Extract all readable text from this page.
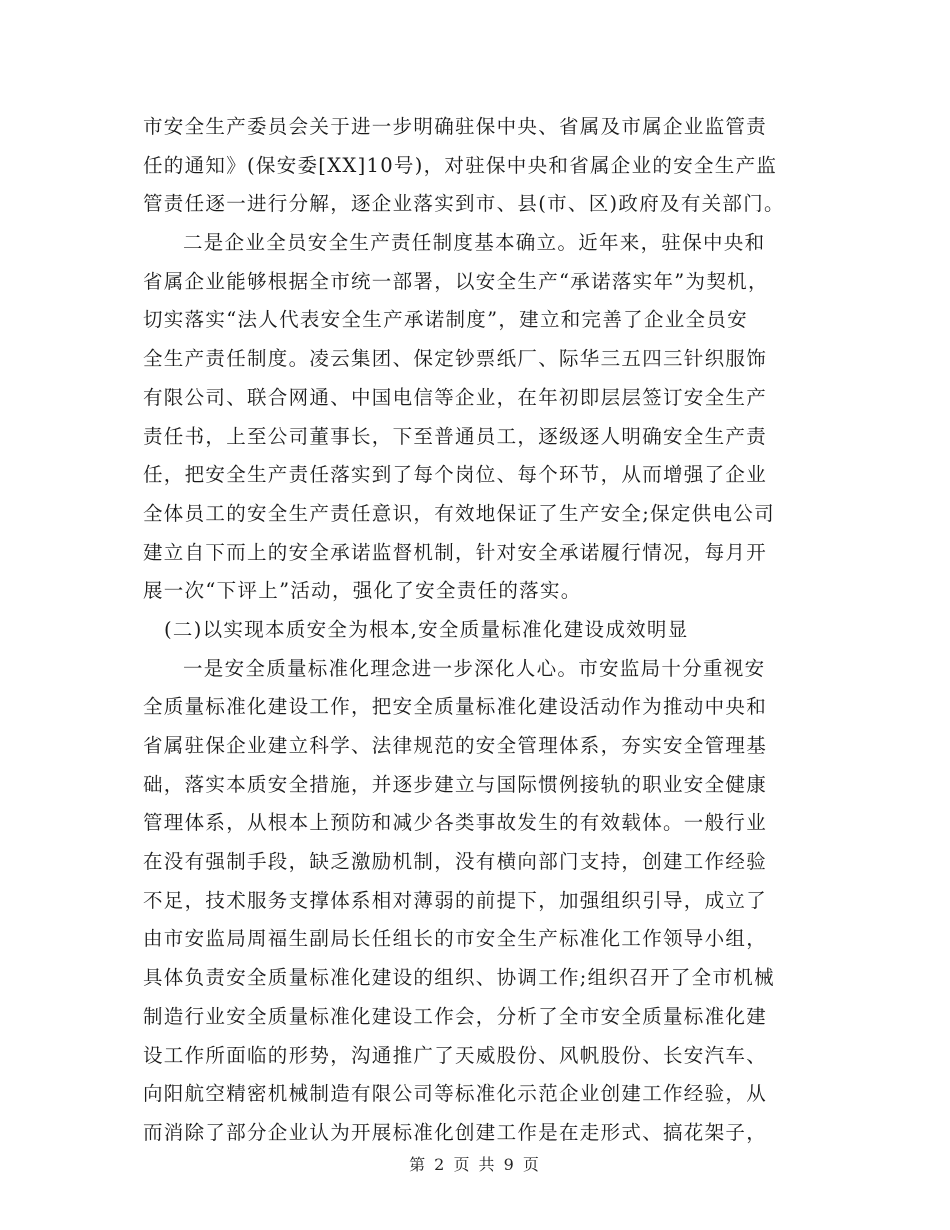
市安全生产委员会关于进一步明确驻保中央、省属及市属企业监管责
任的通知》(保安委[XX]10号)，对驻保中央和省属企业的安全生产监
管责任逐一进行分解，逐企业落实到市、县(市、区)政府及有关部门。
二是企业全员安全生产责任制度基本确立。近年来，驻保中央和
省属企业能够根据全市统一部署，以安全生产“承诺落实年”为契机，
切实落实“法人代表安全生产承诺制度”，建立和完善了企业全员安
全生产责任制度。凌云集团、保定钞票纸厂、际华三五四三针织服饰
有限公司、联合网通、中国电信等企业，在年初即层层签订安全生产
责任书，上至公司董事长，下至普通员工，逐级逐人明确安全生产责
任，把安全生产责任落实到了每个岗位、每个环节，从而增强了企业
全体员工的安全生产责任意识，有效地保证了生产安全;保定供电公司
建立自下而上的安全承诺监督机制，针对安全承诺履行情况，每月开
展一次“下评上”活动，强化了安全责任的落实。
(二)以实现本质安全为根本,安全质量标准化建设成效明显
一是安全质量标准化理念进一步深化人心。市安监局十分重视安
全质量标准化建设工作，把安全质量标准化建设活动作为推动中央和
省属驻保企业建立科学、法律规范的安全管理体系，夯实安全管理基
础，落实本质安全措施，并逐步建立与国际惯例接轨的职业安全健康
管理体系，从根本上预防和减少各类事故发生的有效载体。一般行业
在没有强制手段，缺乏激励机制，没有横向部门支持，创建工作经验
不足，技术服务支撑体系相对薄弱的前提下，加强组织引导，成立了
由市安监局周福生副局长任组长的市安全生产标准化工作领导小组，
具体负责安全质量标准化建设的组织、协调工作;组织召开了全市机械
制造行业安全质量标准化建设工作会，分析了全市安全质量标准化建
设工作所面临的形势，沟通推广了天威股份、风帆股份、长安汽车、
向阳航空精密机械制造有限公司等标准化示范企业创建工作经验，从
而消除了部分企业认为开展标准化创建工作是在走形式、搞花架子，
第 2 页 共 9 页
